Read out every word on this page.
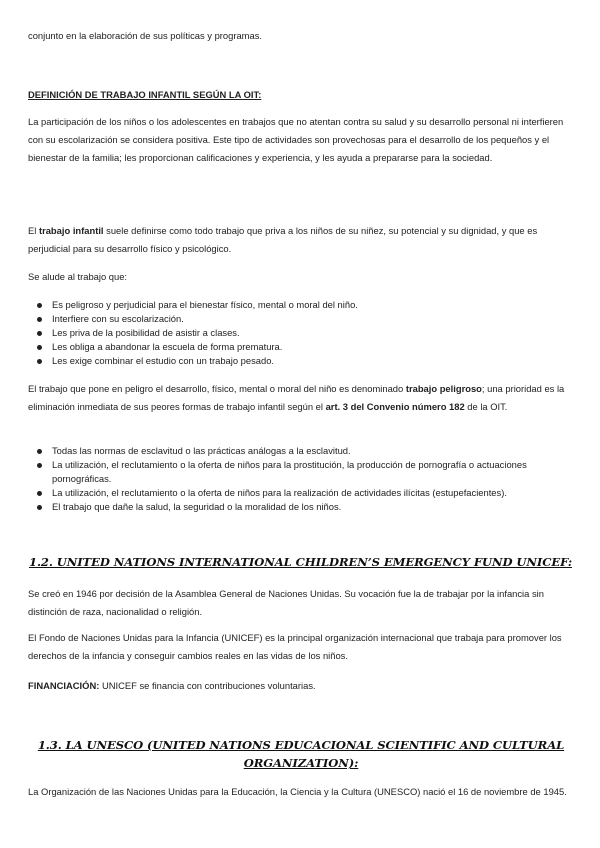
conjunto en la elaboración de sus políticas y programas.

DEFINICIÓN DE TRABAJO INFANTIL SEGÚN LA OIT:

La participación de los niños o los adolescentes en trabajos que no atentan contra su salud y su desarrollo personal ni interfieren con su escolarización se considera positiva. Este tipo de actividades son provechosas para el desarrollo de los pequeños y el bienestar de la familia; les proporcionan calificaciones y experiencia, y les ayuda a prepararse para la sociedad.

El trabajo infantil suele definirse como todo trabajo que priva a los niños de su niñez, su potencial y su dignidad, y que es perjudicial para su desarrollo físico y psicológico.

Se alude al trabajo que:

Es peligroso y perjudicial para el bienestar físico, mental o moral del niño.
Interfiere con su escolarización.
Les priva de la posibilidad de asistir a clases.
Les obliga a abandonar la escuela de forma prematura.
Les exige combinar el estudio con un trabajo pesado.

El trabajo que pone en peligro el desarrollo, físico, mental o moral del niño es denominado trabajo peligroso; una prioridad es la eliminación inmediata de sus peores formas de trabajo infantil según el art. 3 del Convenio número 182 de la OIT.

Todas las normas de esclavitud o las prácticas análogas a la esclavitud.
La utilización, el reclutamiento o la oferta de niños para la prostitución, la producción de pornografía o actuaciones pornográficas.
La utilización, el reclutamiento o la oferta de niños para la realización de actividades ilícitas (estupefacientes).
El trabajo que dañe la salud, la seguridad o la moralidad de los niños.
1.2. UNITED NATIONS INTERNATIONAL CHILDREN’S EMERGENCY FUND UNICEF:

Se creó en 1946 por decisión de la Asamblea General de Naciones Unidas. Su vocación fue la de trabajar por la infancia sin distinción de raza, nacionalidad o religión.

El Fondo de Naciones Unidas para la Infancia (UNICEF) es la principal organización internacional que trabaja para promover los derechos de la infancia y conseguir cambios reales en las vidas de los niños.

FINANCIACIÓN: UNICEF se financia con contribuciones voluntarias.

1.3. LA UNESCO (UNITED NATIONS EDUCACIONAL SCIENTIFIC AND CULTURAL ORGANIZATION):

La Organización de las Naciones Unidas para la Educación, la Ciencia y la Cultura (UNESCO) nació el 16 de noviembre de 1945.
